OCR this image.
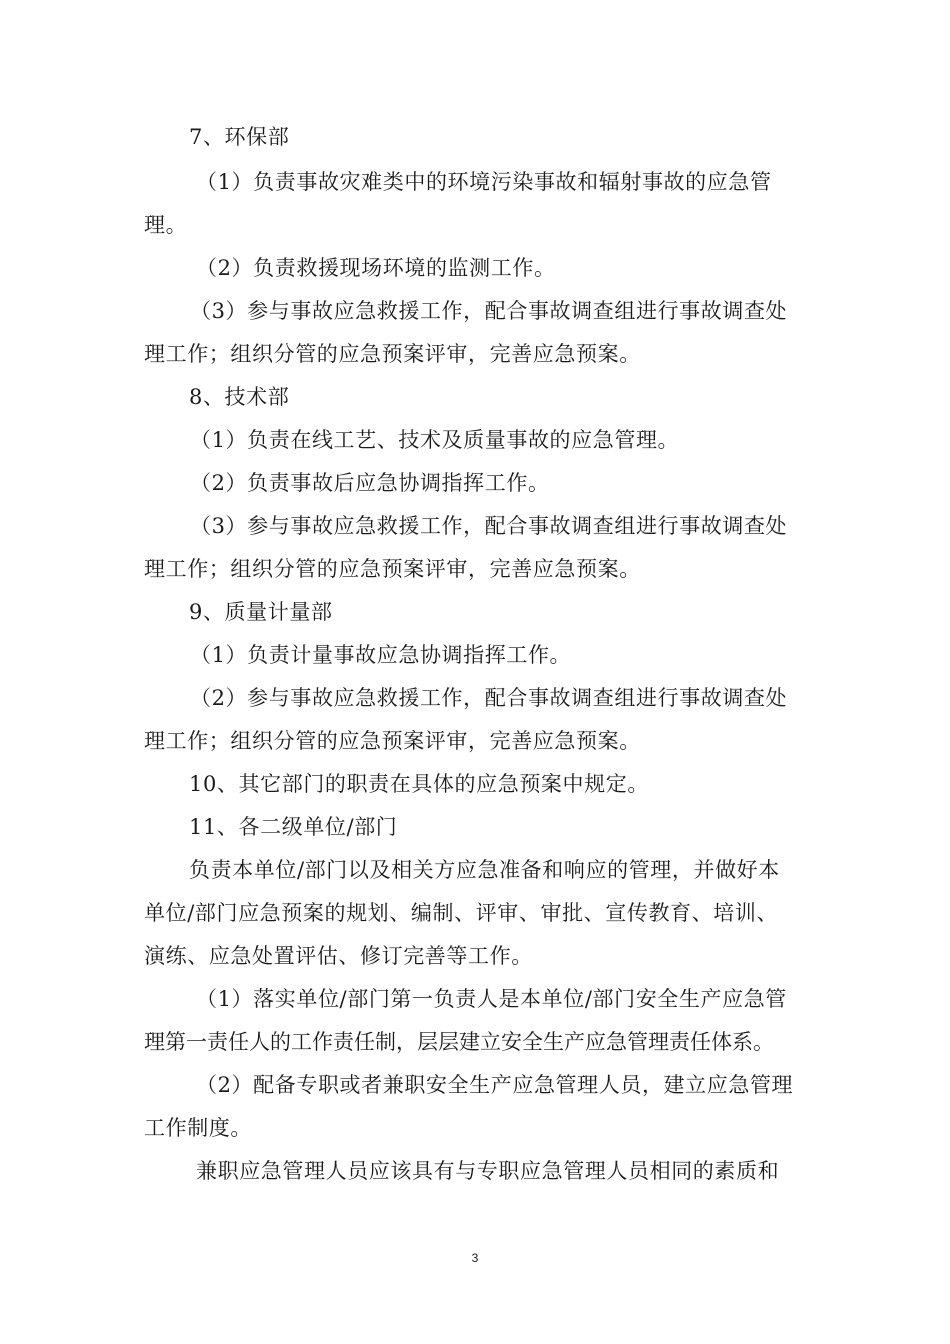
7、环保部
（1）负责事故灾难类中的环境污染事故和辐射事故的应急管
理。
（2）负责救援现场环境的监测工作。
（3）参与事故应急救援工作，配合事故调查组进行事故调查处
理工作；组织分管的应急预案评审，完善应急预案。
8、技术部
（1）负责在线工艺、技术及质量事故的应急管理。
（2）负责事故后应急协调指挥工作。
（3）参与事故应急救援工作，配合事故调查组进行事故调查处
理工作；组织分管的应急预案评审，完善应急预案。
9、质量计量部
（1）负责计量事故应急协调指挥工作。
（2）参与事故应急救援工作，配合事故调查组进行事故调查处
理工作；组织分管的应急预案评审，完善应急预案。
10、其它部门的职责在具体的应急预案中规定。
11、各二级单位/部门
负责本单位/部门以及相关方应急准备和响应的管理，并做好本
单位/部门应急预案的规划、编制、评审、审批、宣传教育、培训、
演练、应急处置评估、修订完善等工作。
（1）落实单位/部门第一负责人是本单位/部门安全生产应急管
理第一责任人的工作责任制，层层建立安全生产应急管理责任体系。
（2）配备专职或者兼职安全生产应急管理人员，建立应急管理
工作制度。
兼职应急管理人员应该具有与专职应急管理人员相同的素质和
3
